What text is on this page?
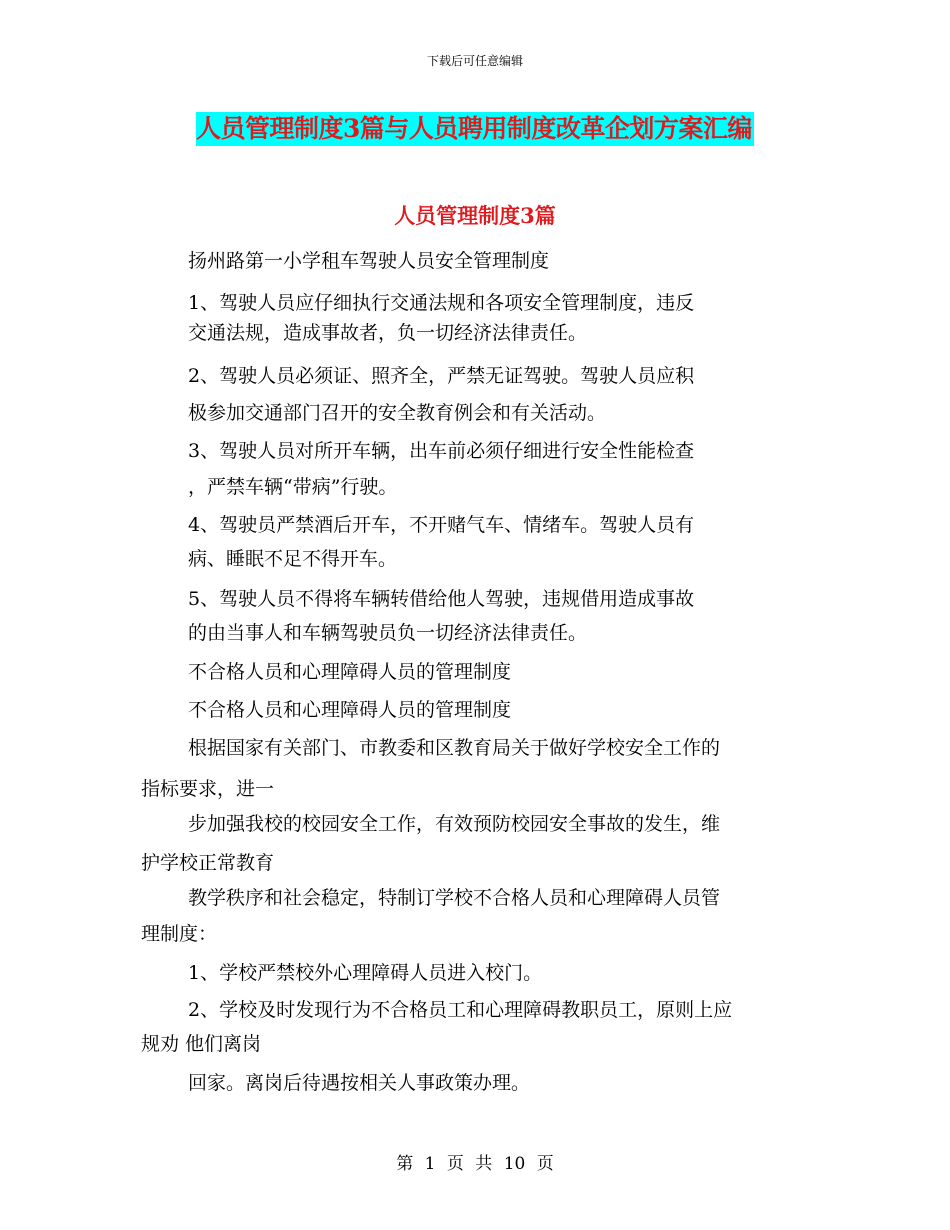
下载后可任意编辑
人员管理制度3篇与人员聘用制度改革企划方案汇编
人员管理制度3篇
扬州路第一小学租车驾驶人员安全管理制度
1、驾驶人员应仔细执行交通法规和各项安全管理制度，违反
交通法规，造成事故者，负一切经济法律责任。
2、驾驶人员必须证、照齐全，严禁无证驾驶。驾驶人员应积
极参加交通部门召开的安全教育例会和有关活动。
3、驾驶人员对所开车辆，出车前必须仔细进行安全性能检查
，严禁车辆“带病”行驶。
4、驾驶员严禁酒后开车，不开赌气车、情绪车。驾驶人员有
病、睡眠不足不得开车。
5、驾驶人员不得将车辆转借给他人驾驶，违规借用造成事故
的由当事人和车辆驾驶员负一切经济法律责任。
不合格人员和心理障碍人员的管理制度
不合格人员和心理障碍人员的管理制度
根据国家有关部门、市教委和区教育局关于做好学校安全工作的
指标要求，进一
步加强我校的校园安全工作，有效预防校园安全事故的发生，维
护学校正常教育
教学秩序和社会稳定，特制订学校不合格人员和心理障碍人员管
理制度：
1、学校严禁校外心理障碍人员进入校门。
2、学校及时发现行为不合格员工和心理障碍教职员工，原则上应
规劝 他们离岗
回家。离岗后待遇按相关人事政策办理。
第 1 页 共 10 页
